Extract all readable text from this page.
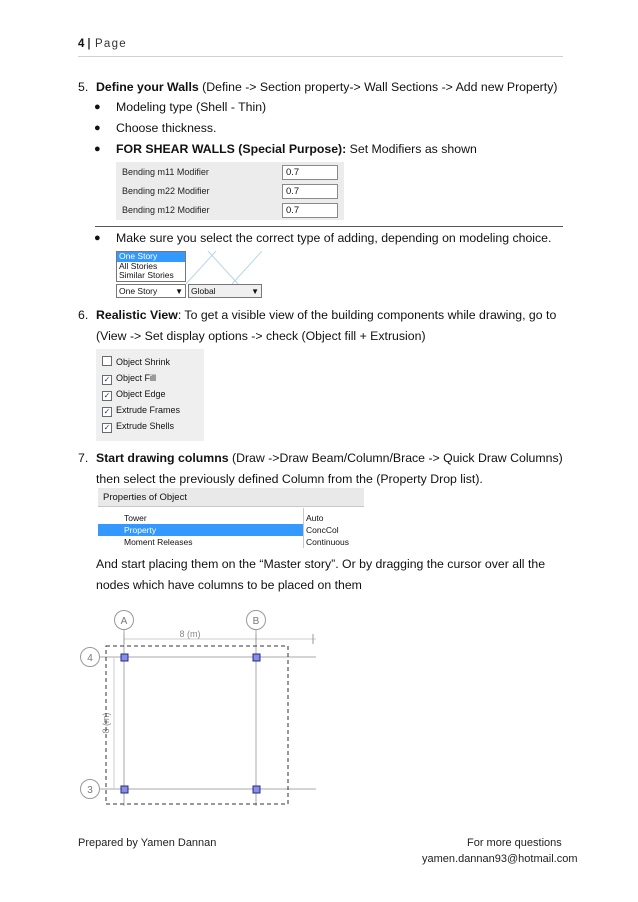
4 | Page
5. Define your Walls (Define -> Section property-> Wall Sections -> Add new Property)
● Modeling type (Shell - Thin)
● Choose thickness.
● FOR SHEAR WALLS (Special Purpose): Set Modifiers as shown
Bending m11 Modifier	0.7
Bending m22 Modifier	0.7
Bending m12 Modifier	0.7
● Make sure you select the correct type of adding, depending on modeling choice.
One Story
All Stories
Similar Stories
One Story ▼ Global	▼
6. Realistic View: To get a visible view of the building components while drawing, go to
(View -> Set display options -> check (Object fill + Extrusion)
Object Shrink
✓ Object Fill
✓ Object Edge
✓ Extrude Frames
✓ Extrude Shells
7. Start drawing columns (Draw ->Draw Beam/Column/Brace -> Quick Draw Columns)
then select the previously defined Column from the (Property Drop list).
Properties of Object
Tower	Auto
Property	ConcCol
Moment Releases	Continuous
And start placing them on the “Master story”. Or by dragging the cursor over all the
nodes which have columns to be placed on them
8 (m)
8 (m)
A	B
4
3
Prepared by Yamen Dannan	For more questions
yamen.dannan93@hotmail.com
